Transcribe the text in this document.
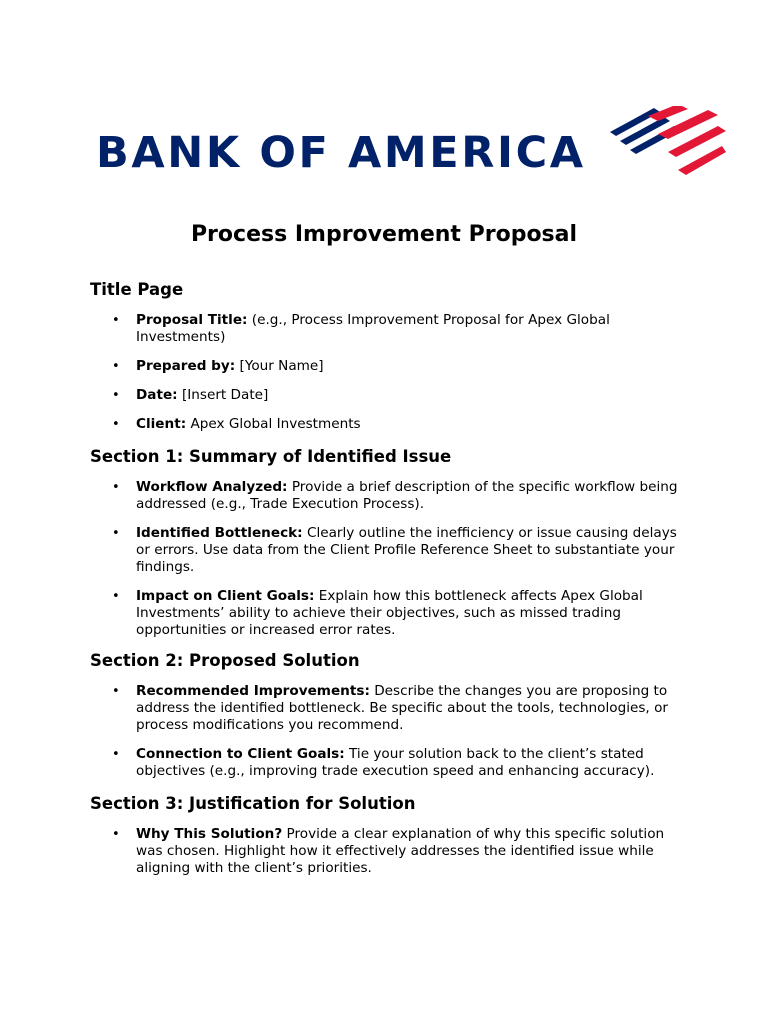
BANK OF AMERICA
Process Improvement Proposal
Title Page
• Proposal Title: (e.g., Process Improvement Proposal for Apex Global Investments)
• Prepared by: [Your Name]
• Date: [Insert Date]
• Client: Apex Global Investments
Section 1: Summary of Identified Issue
• Workflow Analyzed: Provide a brief description of the specific workflow being addressed (e.g., Trade Execution Process).
• Identified Bottleneck: Clearly outline the inefficiency or issue causing delays or errors. Use data from the Client Profile Reference Sheet to substantiate your findings.
• Impact on Client Goals: Explain how this bottleneck affects Apex Global Investments’ ability to achieve their objectives, such as missed trading opportunities or increased error rates.
Section 2: Proposed Solution
• Recommended Improvements: Describe the changes you are proposing to address the identified bottleneck. Be specific about the tools, technologies, or process modifications you recommend.
• Connection to Client Goals: Tie your solution back to the client’s stated objectives (e.g., improving trade execution speed and enhancing accuracy).
Section 3: Justification for Solution
• Why This Solution? Provide a clear explanation of why this specific solution was chosen. Highlight how it effectively addresses the identified issue while aligning with the client’s priorities.
